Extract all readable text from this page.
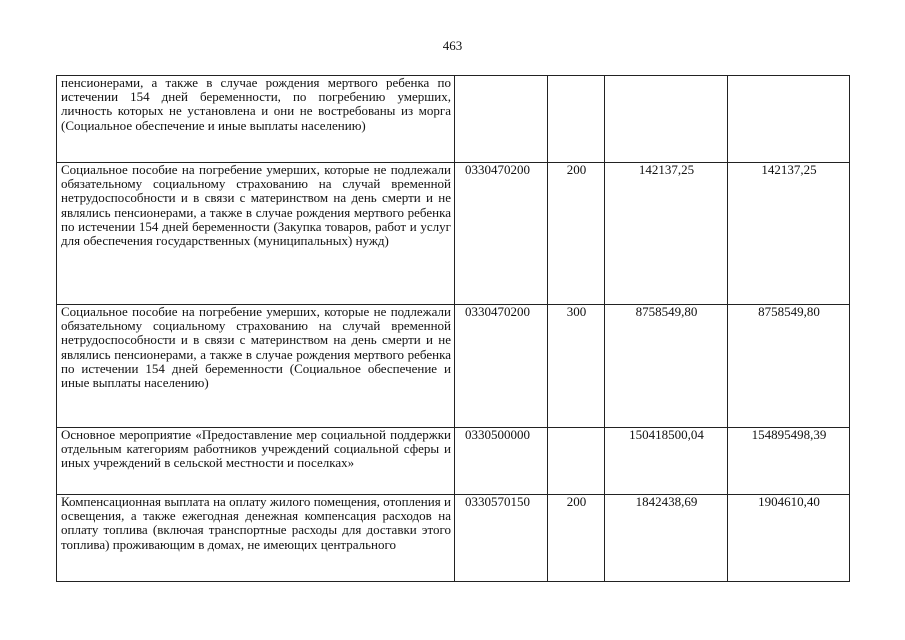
463
пенсионерами, а также в случае рождения мертвого ребенка по истечении 154 дней беременности, по погребению умерших, личность которых не установлена и они не востребованы из морга (Социальное обеспечение и иные выплаты населению)				
Социальное пособие на погребение умерших, которые не подлежали обязательному социальному страхованию на случай временной нетрудоспособности и в связи с материнством на день смерти и не являлись пенсионерами, а также в случае рождения мертвого ребенка по истечении 154 дней беременности (Закупка товаров, работ и услуг для обеспечения государственных (муниципальных) нужд)	0330470200	200	142137,25	142137,25
Социальное пособие на погребение умерших, которые не подлежали обязательному социальному страхованию на случай временной нетрудоспособности и в связи с материнством на день смерти и не являлись пенсионерами, а также в случае рождения мертвого ребенка по истечении 154 дней беременности (Социальное обеспечение и иные выплаты населению)	0330470200	300	8758549,80	8758549,80
Основное мероприятие «Предоставление мер социальной поддержки отдельным категориям работников учреждений социальной сферы и иных учреждений в сельской местности и поселках»	0330500000		150418500,04	154895498,39

Компенсационная выплата на оплату жилого помещения, отопления и освещения, а также ежегодная денежная компенсация расходов на оплату топлива (включая транспортные расходы для доставки этого топлива) проживающим в домах, не имеющих центрального	0330570150	200	1842438,69	1904610,40
